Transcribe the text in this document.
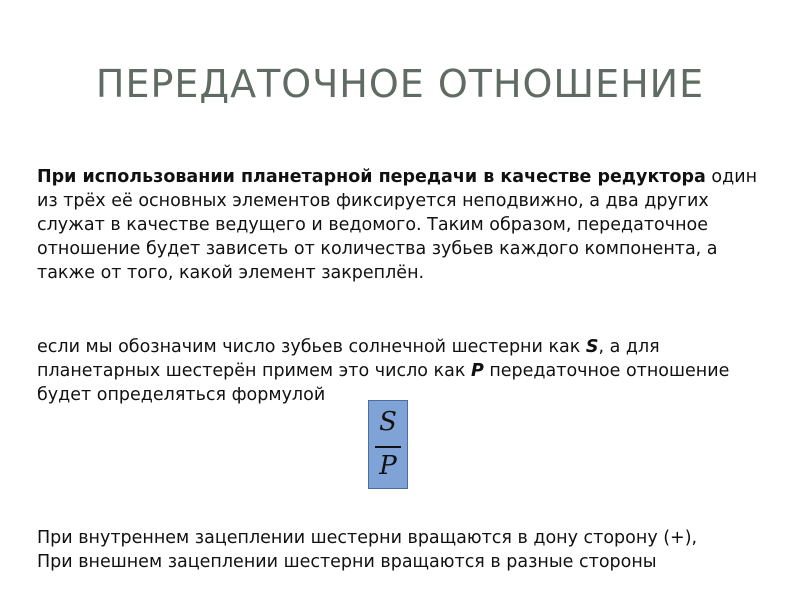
ПЕРЕДАТОЧНОЕ ОТНОШЕНИЕ

При использовании планетарной передачи в качестве редуктора один из трёх её основных элементов фиксируется неподвижно, а два других служат в качестве ведущего и ведомого. Таким образом, передаточное отношение будет зависеть от количества зубьев каждого компонента, а также от того, какой элемент закреплён.

если мы обозначим число зубьев солнечной шестерни как S, а для планетарных шестерён примем это число как P передаточное отношение будет определяться формулой

S
P

При внутреннем зацеплении шестерни вращаются в дону сторону (+),
При внешнем зацеплении шестерни вращаются в разные стороны
